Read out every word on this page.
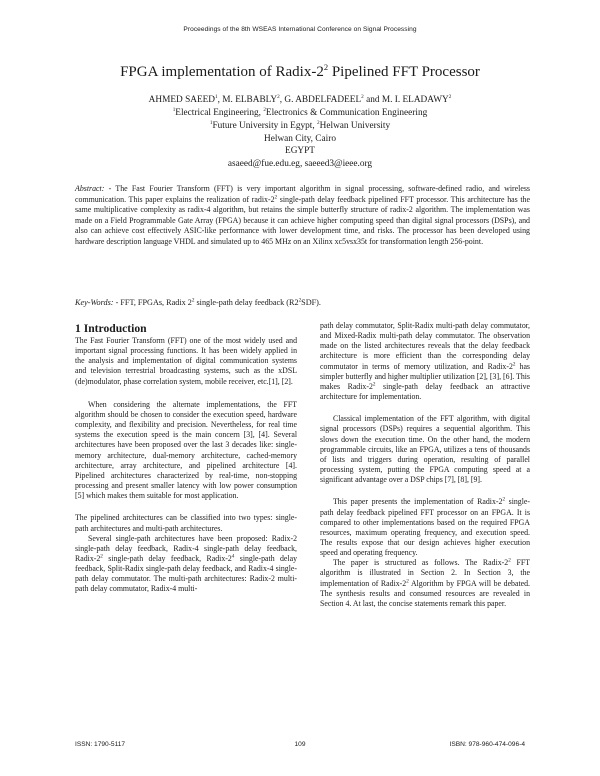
Proceedings of the 8th WSEAS International Conference on Signal Processing
FPGA implementation of Radix-$2^2$ Pipelined FFT Processor
AHMED SAEED$^1$, M. ELBABLY$^2$, G. ABDELFADEEL$^2$ and M. I. ELADAWY$^2$
$^1$Electrical Engineering, $^2$Electronics & Communication Engineering
$^1$Future University in Egypt, $^2$Helwan University
Helwan City, Cairo
EGYPT
asaeed@fue.edu.eg, saeeed3@ieee.org
Abstract: - The Fast Fourier Transform (FFT) is very important algorithm in signal processing, software-defined radio, and wireless communication. This paper explains the realization of radix-$2^2$ single-path delay feedback pipelined FFT processor. This architecture has the same multiplicative complexity as radix-4 algorithm, but retains the simple butterfly structure of radix-2 algorithm. The implementation was made on a Field Programmable Gate Array (FPGA) because it can achieve higher computing speed than digital signal processors (DSPs), and also can achieve cost effectively ASIC-like performance with lower development time, and risks. The processor has been developed using hardware description language VHDL and simulated up to 465 MHz on an Xilinx xc5vsx35t for transformation length 256-point.
Key-Words: - FFT, FPGAs, Radix $2^2$ single-path delay feedback $(R2^2SDF)$.
1 Introduction

The Fast Fourier Transform (FFT) one of the most widely used and important signal processing functions. It has been widely applied in the analysis and implementation of digital communication systems and television terrestrial broadcasting systems, such as the xDSL (de)modulator, phase correlation system, mobile receiver, etc.[1], [2].

When considering the alternate implementations, the FFT algorithm should be chosen to consider the execution speed, hardware complexity, and flexibility and precision. Nevertheless, for real time systems the execution speed is the main concern [3], [4]. Several architectures have been proposed over the last 3 decades like: single-memory architecture, dual-memory architecture, cached-memory architecture, array architecture, and pipelined architecture [4]. Pipelined architectures characterized by real-time, non-stopping processing and present smaller latency with low power consumption [5] which makes them suitable for most application.

The pipelined architectures can be classified into two types: single-path architectures and multi-path architectures.

Several single-path architectures have been proposed: Radix-2 single-path delay feedback, Radix-4 single-path delay feedback, Radix-$2^2$ single-path delay feedback, Radix-$2^4$ single-path delay feedback, Split-Radix single-path delay feedback, and Radix-4 single-path delay commutator. The multi-path architectures: Radix-2 multi-path delay commutator, Radix-4 multi-

path delay commutator, Split-Radix multi-path delay commutator, and Mixed-Radix multi-path delay commutator. The observation made on the listed architectures reveals that the delay feedback architecture is more efficient than the corresponding delay commutator in terms of memory utilization, and Radix-$2^2$ has simpler butterfly and higher multiplier utilization [2], [3], [6]. This makes Radix-$2^2$ single-path delay feedback an attractive architecture for implementation.

Classical implementation of the FFT algorithm, with digital signal processors (DSPs) requires a sequential algorithm. This slows down the execution time. On the other hand, the modern programmable circuits, like an FPGA, utilizes a tens of thousands of lists and triggers during operation, resulting of parallel processing system, putting the FPGA computing speed at a significant advantage over a DSP chips [7], [8], [9].

This paper presents the implementation of Radix-$2^2$ single-path delay feedback pipelined FFT processor on an FPGA. It is compared to other implementations based on the required FPGA resources, maximum operating frequency, and execution speed. The results expose that our design achieves higher execution speed and operating frequency.

The paper is structured as follows. The Radix-$2^2$ FFT algorithm is illustrated in Section 2. In Section 3, the implementation of Radix-$2^2$ Algorithm by FPGA will be debated. The synthesis results and consumed resources are revealed in Section 4. At last, the concise statements remark this paper.

ISSN: 1790-5117	109	ISBN: 978-960-474-096-4
